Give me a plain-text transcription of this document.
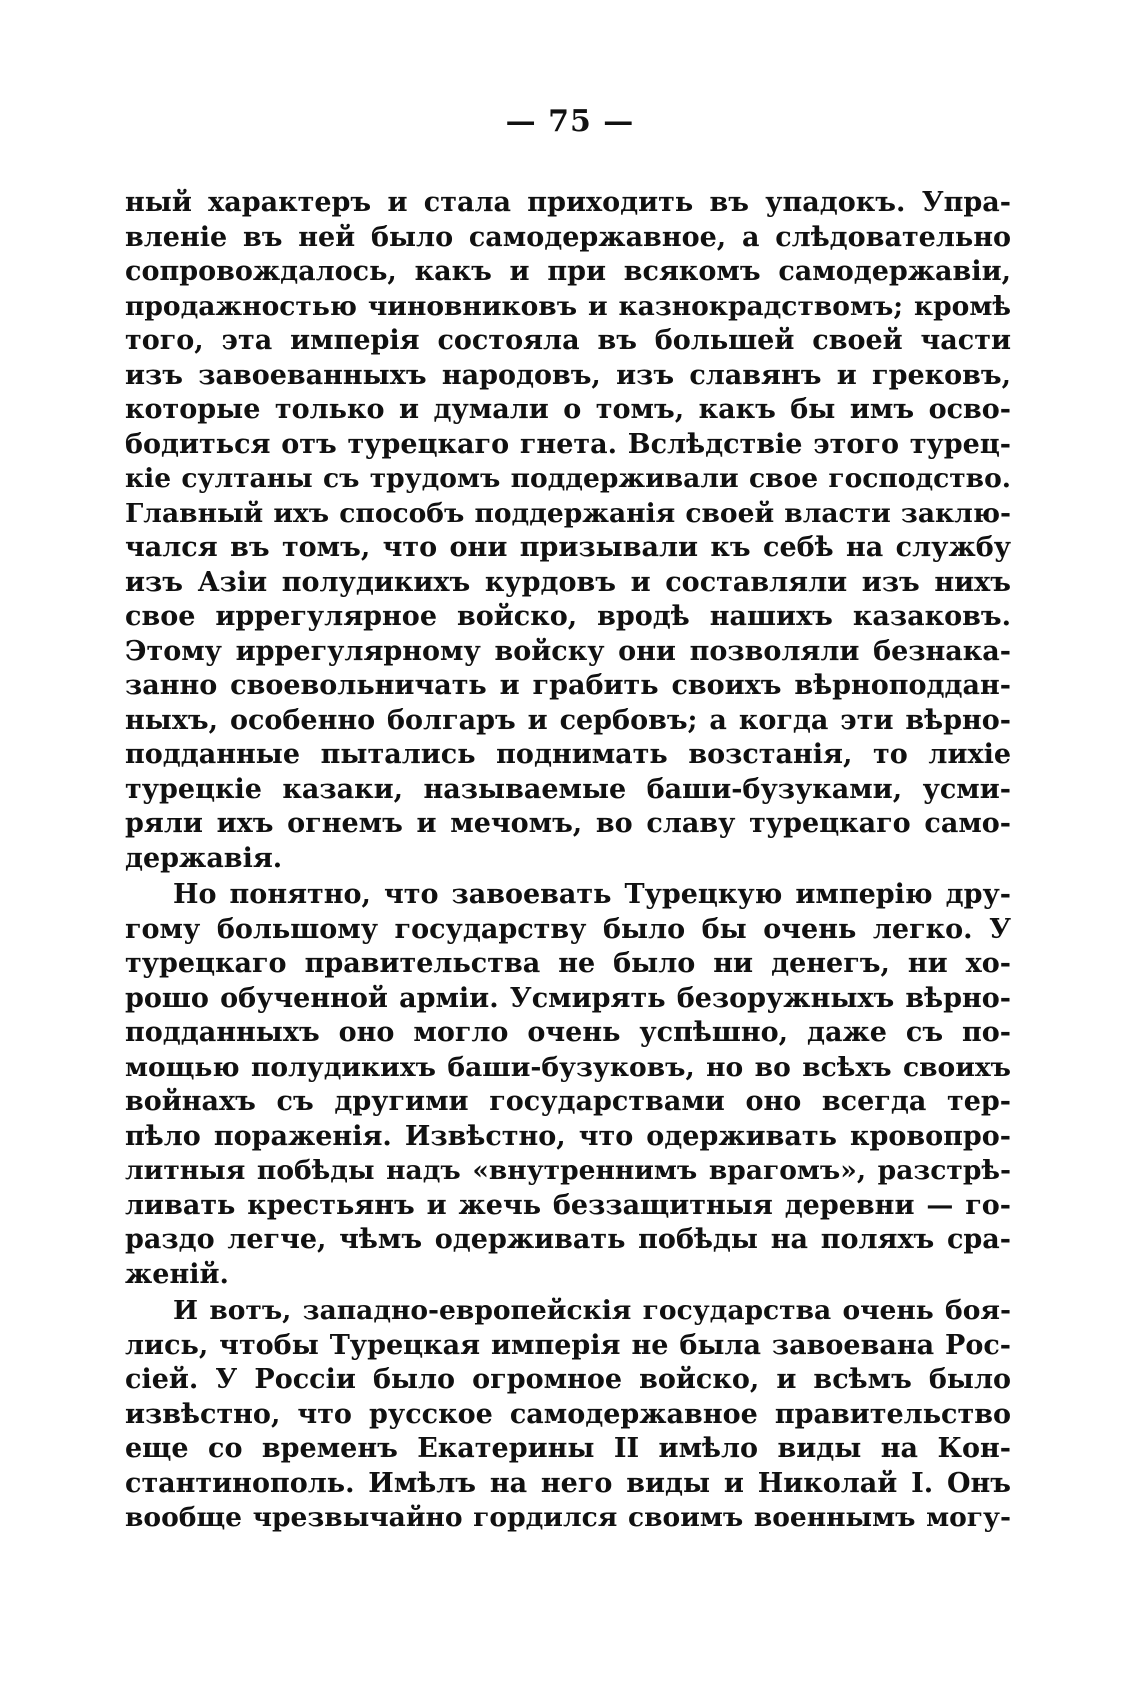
— 75 —
ный характеръ и стала приходить въ упадокъ. Упра-
вленіе въ ней было самодержавное, а слѣдовательно
сопровождалось, какъ и при всякомъ самодержавіи,
продажностью чиновниковъ и казнокрадствомъ; кромѣ
того, эта имперія состояла въ большей своей части
изъ завоеванныхъ народовъ, изъ славянъ и грековъ,
которые только и думали о томъ, какъ бы имъ осво-
бодиться отъ турецкаго гнета. Вслѣдствіе этого турец-
кіе султаны съ трудомъ поддерживали свое господство.
Главный ихъ способъ поддержанія своей власти заклю-
чался въ томъ, что они призывали къ себѣ на службу
изъ Азіи полудикихъ курдовъ и составляли изъ нихъ
свое иррегулярное войско, вродѣ нашихъ казаковъ.
Этому иррегулярному войску они позволяли безнака-
занно своевольничать и грабить своихъ вѣрноподдан-
ныхъ, особенно болгаръ и сербовъ; а когда эти вѣрно-
подданные пытались поднимать возстанія, то лихіе
турецкіе казаки, называемые баши-бузуками, усми-
ряли ихъ огнемъ и мечомъ, во славу турецкаго само-
державія.
Но понятно, что завоевать Турецкую имперію дру-
гому большому государству было бы очень легко. У
турецкаго правительства не было ни денегъ, ни хо-
рошо обученной арміи. Усмирять безоружныхъ вѣрно-
подданныхъ оно могло очень успѣшно, даже съ по-
мощью полудикихъ баши-бузуковъ, но во всѣхъ своихъ
войнахъ съ другими государствами оно всегда тер-
пѣло пораженія. Извѣстно, что одерживать кровопро-
литныя побѣды надъ «внутреннимъ врагомъ», разстрѣ-
ливать крестьянъ и жечь беззащитныя деревни — го-
раздо легче, чѣмъ одерживать побѣды на поляхъ сра-
женій.
И вотъ, западно-европейскія государства очень боя-
лись, чтобы Турецкая имперія не была завоевана Рос-
сіей. У Россіи было огромное войско, и всѣмъ было
извѣстно, что русское самодержавное правительство
еще со временъ Екатерины II имѣло виды на Кон-
стантинополь. Имѣлъ на него виды и Николай I. Онъ
вообще чрезвычайно гордился своимъ военнымъ могу-
